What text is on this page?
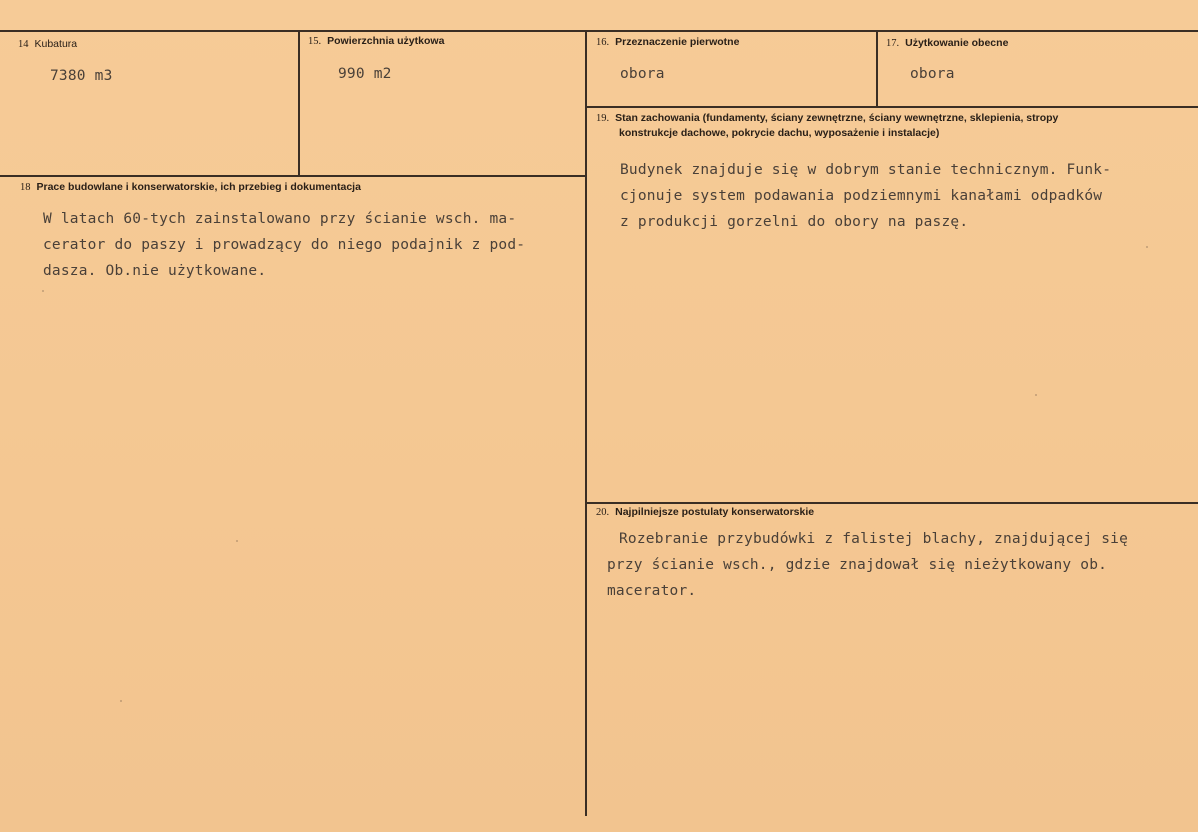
14 Kubatura
7380 m3
15. Powierzchnia użytkowa
990 m2
16. Przeznaczenie pierwotne
obora
17. Użytkowanie obecne
obora
18 Prace budowlane i konserwatorskie, ich przebieg i dokumentacja
W latach 60-tych zainstalowano przy ścianie wsch. ma-
cerator do paszy i prowadzący do niego podajnik z pod-
dasza. Ob.nie użytkowane.
19. Stan zachowania (fundamenty, ściany zewnętrzne, ściany wewnętrzne, sklepienia, stropy
konstrukcje dachowe, pokrycie dachu, wyposażenie i instalacje)
Budynek znajduje się w dobrym stanie technicznym. Funk-
cjonuje system podawania podziemnymi kanałami odpadków
z produkcji gorzelni do obory na paszę.
20. Najpilniejsze postulaty konserwatorskie
Rozebranie przybudówki z falistej blachy, znajdującej się
przy ścianie wsch., gdzie znajdował się nieżytkowany ob.
macerator.
